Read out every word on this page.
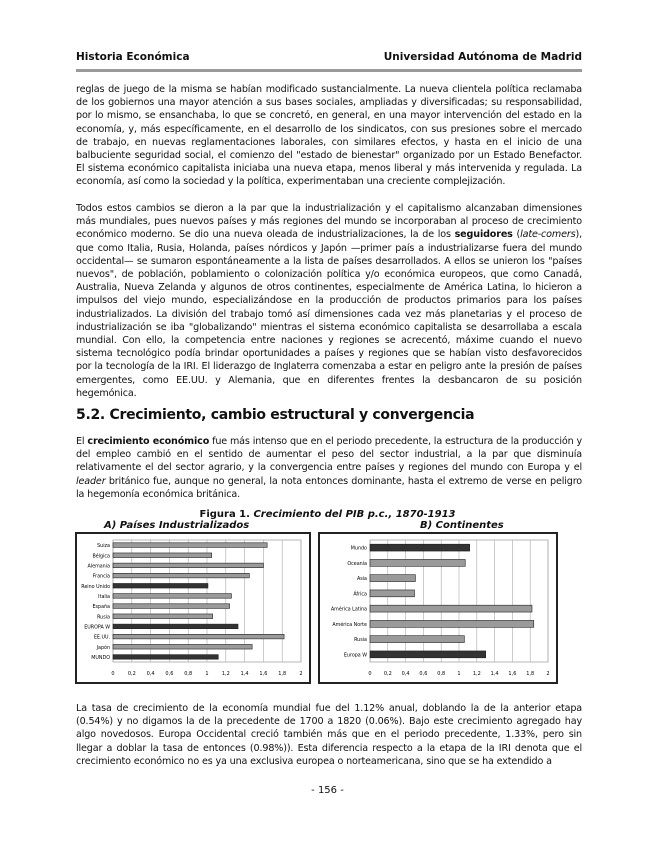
Historia Económica	Universidad Autónoma de Madrid

reglas de juego de la misma se habían modificado sustancialmente. La nueva clientela política reclamaba de los gobiernos una mayor atención a sus bases sociales, ampliadas y diversificadas; su responsabilidad, por lo mismo, se ensanchaba, lo que se concretó, en general, en una mayor intervención del estado en la economía, y, más específicamente, en el desarrollo de los sindicatos, con sus presiones sobre el mercado de trabajo, en nuevas reglamentaciones laborales, con similares efectos, y hasta en el inicio de una balbuciente seguridad social, el comienzo del "estado de bienestar" organizado por un Estado Benefactor. El sistema económico capitalista iniciaba una nueva etapa, menos liberal y más intervenida y regulada. La economía, así como la sociedad y la política, experimentaban una creciente complejización.

Todos estos cambios se dieron a la par que la industrialización y el capitalismo alcanzaban dimensiones más mundiales, pues nuevos países y más regiones del mundo se incorporaban al proceso de crecimiento económico moderno. Se dio una nueva oleada de industrializaciones, la de los seguidores (late-comers), que como Italia, Rusia, Holanda, países nórdicos y Japón —primer país a industrializarse fuera del mundo occidental— se sumaron espontáneamente a la lista de países desarrollados. A ellos se unieron los "países nuevos", de población, poblamiento o colonización política y/o económica europeos, que como Canadá, Australia, Nueva Zelanda y algunos de otros continentes, especialmente de América Latina, lo hicieron a impulsos del viejo mundo, especializándose en la producción de productos primarios para los países industrializados. La división del trabajo tomó así dimensiones cada vez más planetarias y el proceso de industrialización se iba "globalizando" mientras el sistema económico capitalista se desarrollaba a escala mundial. Con ello, la competencia entre naciones y regiones se acrecentó, máxime cuando el nuevo sistema tecnológico podía brindar oportunidades a países y regiones que se habían visto desfavorecidos por la tecnología de la IRI. El liderazgo de Inglaterra comenzaba a estar en peligro ante la presión de países emergentes, como EE.UU. y Alemania, que en diferentes frentes la desbancaron de su posición hegemónica.

5.2. Crecimiento, cambio estructural y convergencia

El crecimiento económico fue más intenso que en el periodo precedente, la estructura de la producción y del empleo cambió en el sentido de aumentar el peso del sector industrial, a la par que disminuía relativamente el del sector agrario, y la convergencia entre países y regiones del mundo con Europa y el leader británico fue, aunque no general, la nota entonces dominante, hasta el extremo de verse en peligro la hegemonía económica británica.

Figura 1. Crecimiento del PIB p.c., 1870-1913
A) Países Industrializados	B) Continentes
0	0,2 0,4 0,6 0,8	1	1,2 1,4 1,6 1,8	2
Suiza
Bélgica
Alemania
Francia
Reino Unido
Italia
España
Rusia
EUROPA W
EE.UU.
Japón
MUNDO
0 0,2 0,4 0,6 0,8 1 1,2 1,4 1,6 1,8 2
Mundo
Oceanía
Asia
África
América Latina
América Norte
Rusia
Europa W

La tasa de crecimiento de la economía mundial fue del 1.12% anual, doblando la de la anterior etapa (0.54%) y no digamos la de la precedente de 1700 a 1820 (0.06%). Bajo este crecimiento agregado hay algo novedosos. Europa Occidental creció también más que en el periodo precedente, 1.33%, pero sin llegar a doblar la tasa de entonces (0.98%)). Esta diferencia respecto a la etapa de la IRI denota que el crecimiento económico no es ya una exclusiva europea o norteamericana, sino que se ha extendido a

- 156 -
